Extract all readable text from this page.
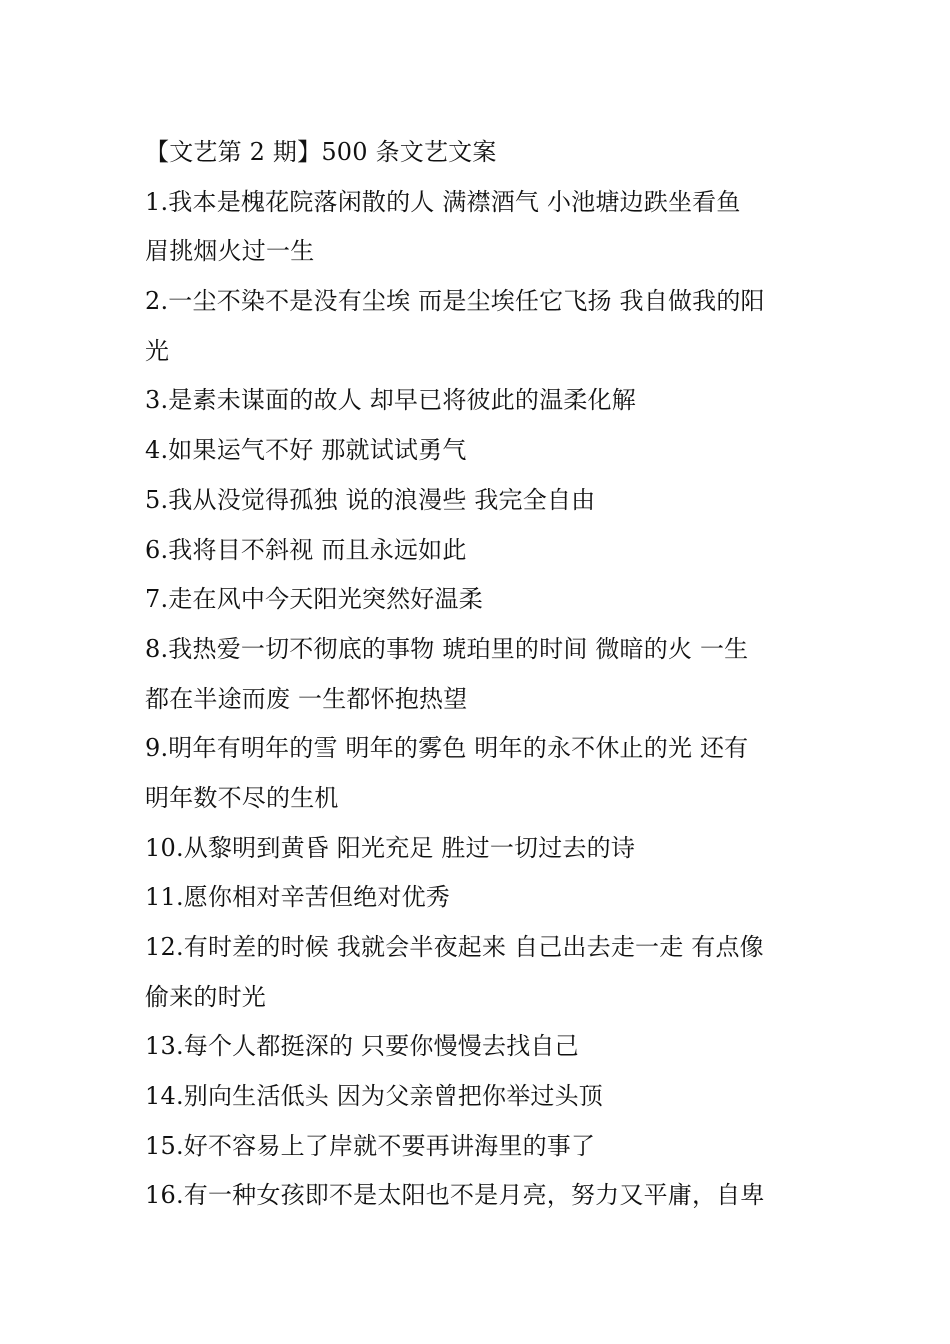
【文艺第 2 期】500 条文艺文案
1.我本是槐花院落闲散的人 满襟酒气 小池塘边跌坐看鱼
眉挑烟火过一生
2.一尘不染不是没有尘埃 而是尘埃任它飞扬 我自做我的阳
光
3.是素未谋面的故人 却早已将彼此的温柔化解
4.如果运气不好 那就试试勇气
5.我从没觉得孤独 说的浪漫些 我完全自由
6.我将目不斜视 而且永远如此
7.走在风中今天阳光突然好温柔
8.我热爱一切不彻底的事物 琥珀里的时间 微暗的火 一生
都在半途而废 一生都怀抱热望
9.明年有明年的雪 明年的雾色 明年的永不休止的光 还有
明年数不尽的生机
10.从黎明到黄昏 阳光充足 胜过一切过去的诗
11.愿你相对辛苦但绝对优秀
12.有时差的时候 我就会半夜起来 自己出去走一走 有点像
偷来的时光
13.每个人都挺深的 只要你慢慢去找自己
14.别向生活低头 因为父亲曾把你举过头顶
15.好不容易上了岸就不要再讲海里的事了
16.有一种女孩即不是太阳也不是月亮，努力又平庸，自卑
